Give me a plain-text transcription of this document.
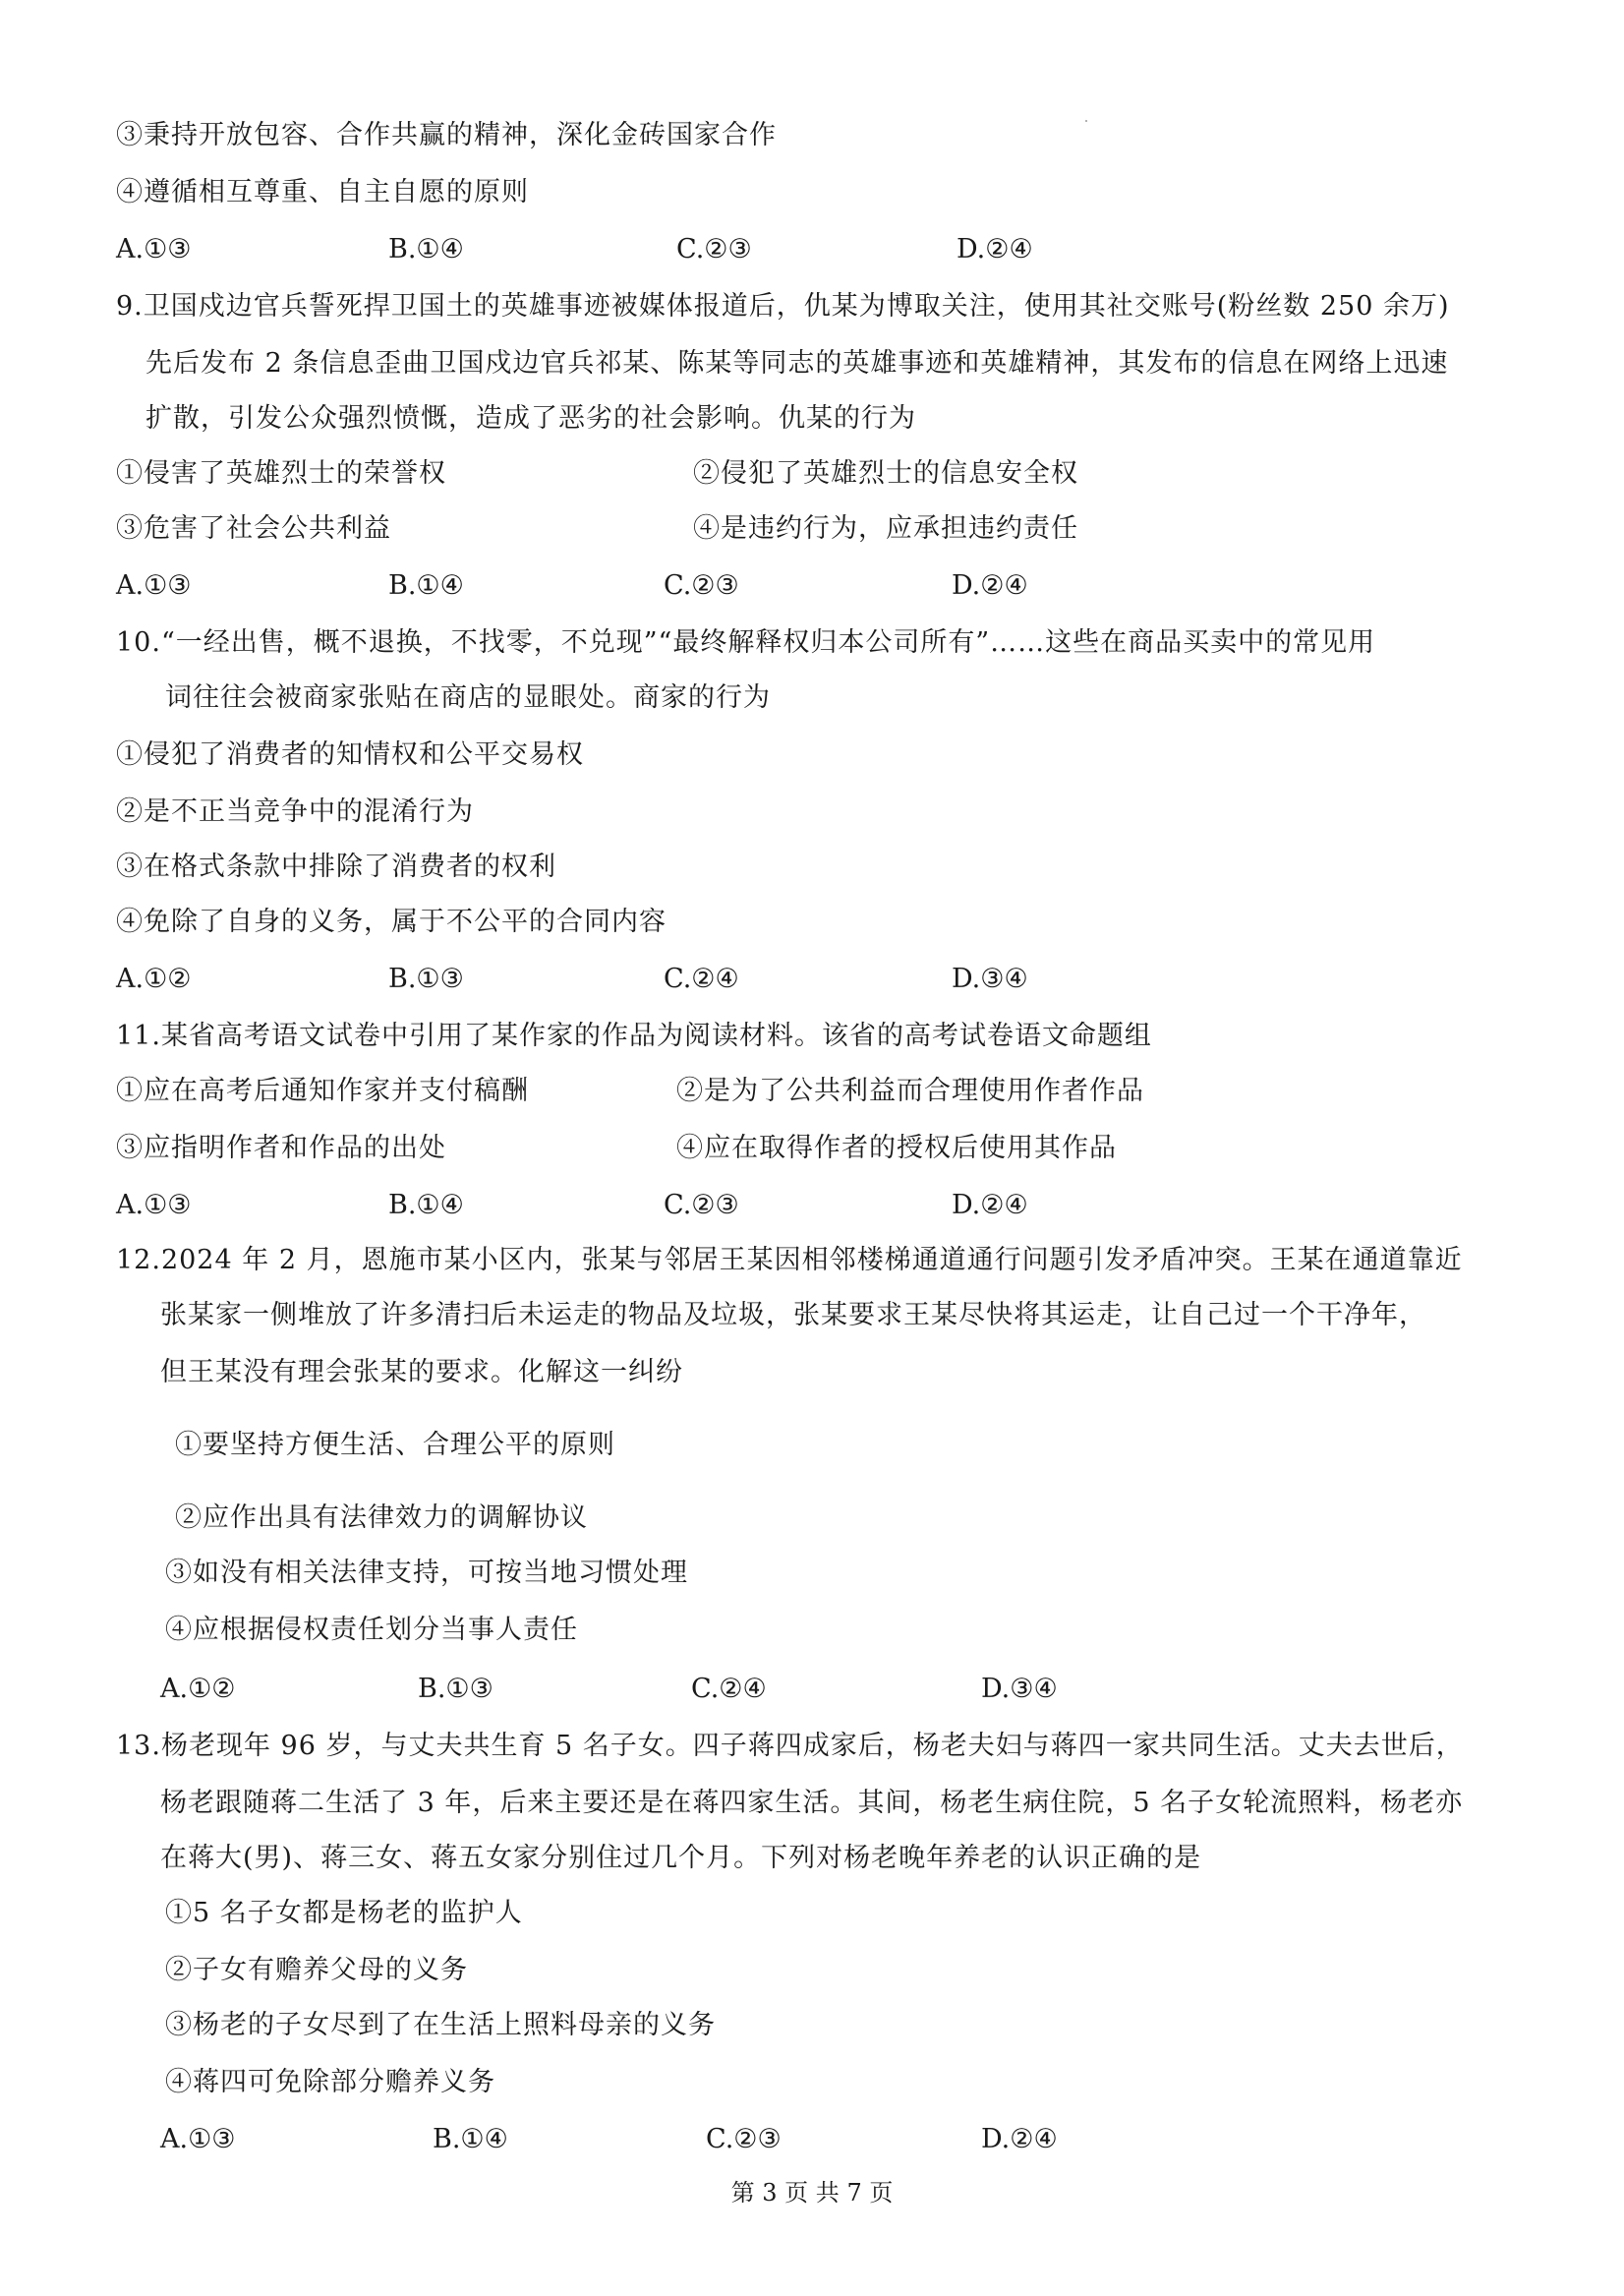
③秉持开放包容、合作共赢的精神，深化金砖国家合作
④遵循相互尊重、自主自愿的原则
A.①③	B.①④	C.②③	D.②④
9.卫国戍边官兵誓死捍卫国土的英雄事迹被媒体报道后，仇某为博取关注，使用其社交账号(粉丝数 250 余万)
先后发布 2 条信息歪曲卫国戍边官兵祁某、陈某等同志的英雄事迹和英雄精神，其发布的信息在网络上迅速
扩散，引发公众强烈愤慨，造成了恶劣的社会影响。仇某的行为
①侵害了英雄烈士的荣誉权	②侵犯了英雄烈士的信息安全权
③危害了社会公共利益	④是违约行为，应承担违约责任
A.①③	B.①④	C.②③	D.②④
10.“一经出售，概不退换，不找零，不兑现”“最终解释权归本公司所有”……这些在商品买卖中的常见用
词往往会被商家张贴在商店的显眼处。商家的行为
①侵犯了消费者的知情权和公平交易权
②是不正当竞争中的混淆行为
③在格式条款中排除了消费者的权利
④免除了自身的义务，属于不公平的合同内容
A.①②	B.①③	C.②④	D.③④
11.某省高考语文试卷中引用了某作家的作品为阅读材料。该省的高考试卷语文命题组
①应在高考后通知作家并支付稿酬	②是为了公共利益而合理使用作者作品
③应指明作者和作品的出处	④应在取得作者的授权后使用其作品
A.①③	B.①④	C.②③	D.②④
12.2024 年 2 月，恩施市某小区内，张某与邻居王某因相邻楼梯通道通行问题引发矛盾冲突。王某在通道靠近
张某家一侧堆放了许多清扫后未运走的物品及垃圾，张某要求王某尽快将其运走，让自己过一个干净年，
但王某没有理会张某的要求。化解这一纠纷
①要坚持方便生活、合理公平的原则
②应作出具有法律效力的调解协议
③如没有相关法律支持，可按当地习惯处理
④应根据侵权责任划分当事人责任
A.①②	B.①③	C.②④	D.③④
13.杨老现年 96 岁，与丈夫共生育 5 名子女。四子蒋四成家后，杨老夫妇与蒋四一家共同生活。丈夫去世后，
杨老跟随蒋二生活了 3 年，后来主要还是在蒋四家生活。其间，杨老生病住院，5 名子女轮流照料，杨老亦
在蒋大(男)、蒋三女、蒋五女家分别住过几个月。下列对杨老晚年养老的认识正确的是
①5 名子女都是杨老的监护人
②子女有赡养父母的义务
③杨老的子女尽到了在生活上照料母亲的义务
④蒋四可免除部分赡养义务
A.①③	B.①④	C.②③	D.②④
第 3 页 共 7 页
